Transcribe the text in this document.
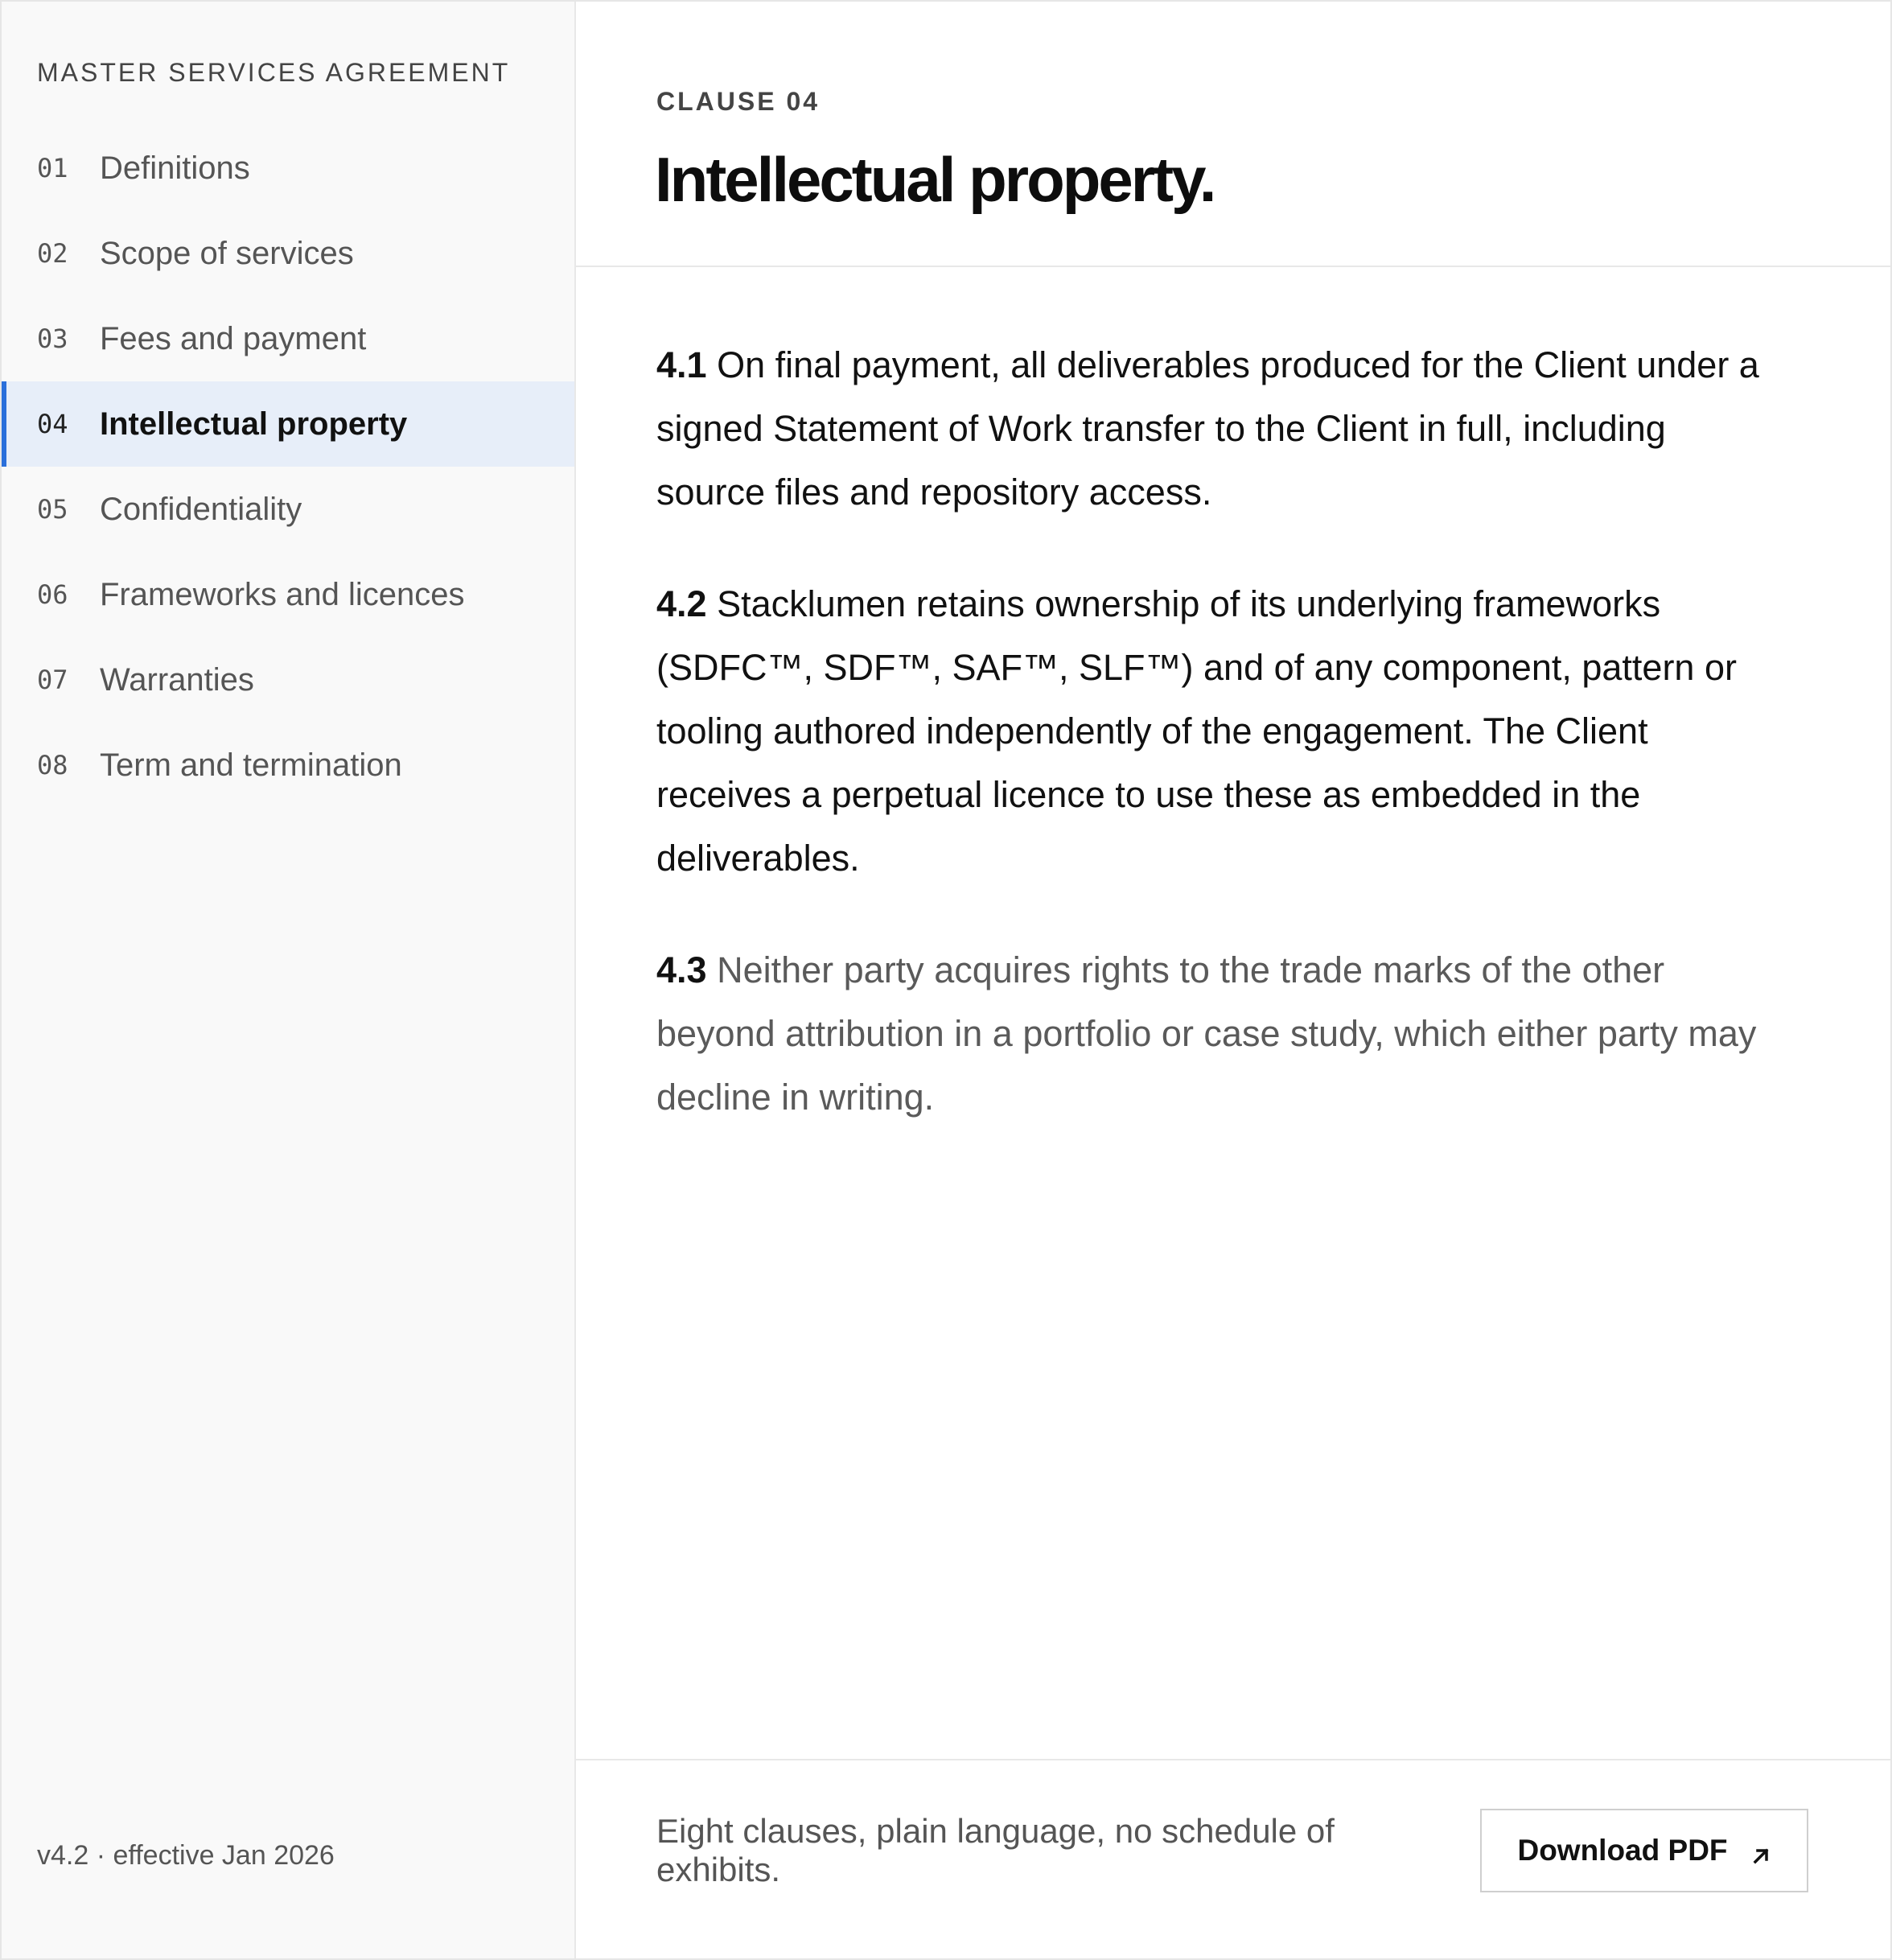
MASTER SERVICES AGREEMENT
01 Definitions
02 Scope of services
03 Fees and payment
04 Intellectual property
05 Confidentiality
06 Frameworks and licences
07 Warranties
08 Term and termination
v4.2 · effective Jan 2026
CLAUSE 04
Intellectual property.

4.1 On final payment, all deliverables produced for the Client under a signed Statement of Work transfer to the Client in full, including source files and repository access.

4.2 Stacklumen retains ownership of its underlying frameworks (SDFC™, SDF™, SAF™, SLF™) and of any component, pattern or tooling authored independently of the engagement. The Client receives a perpetual licence to use these as embedded in the deliverables.

4.3 Neither party acquires rights to the trade marks of the other beyond attribution in a portfolio or case study, which either party may decline in writing.

Eight clauses, plain language, no schedule of exhibits.
Download PDF
